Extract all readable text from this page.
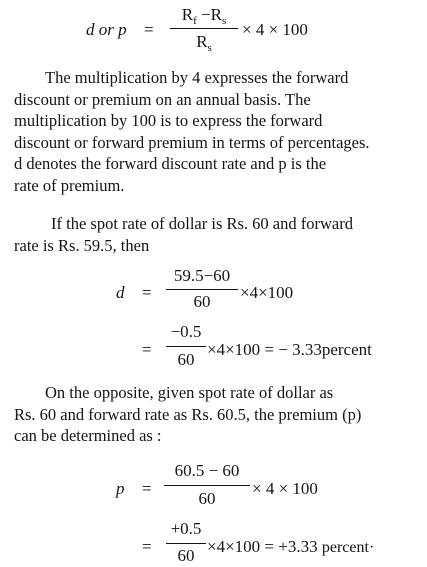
d or p =
$R_f -R_s$
$R_s$
× 4 × 100
The multiplication by 4 expresses the forward
discount or premium on an annual basis. The
multiplication by 100 is to express the forward
discount or forward premium in terms of percentages.
d denotes the forward discount rate and p is the
rate of premium.
If the spot rate of dollar is Rs. 60 and forward
rate is Rs. 59.5, then
d =
59.5−60
60	×4×100
=
−0.5
60
×4×100 = − 3.33percent
On the opposite, given spot rate of dollar as
Rs. 60 and forward rate as Rs. 60.5, the premium (p)
can be determined as :
p =
60.5 − 60
60
× 4 × 100
=
+0.5
60 ×4×100 = +3.33 percent·
